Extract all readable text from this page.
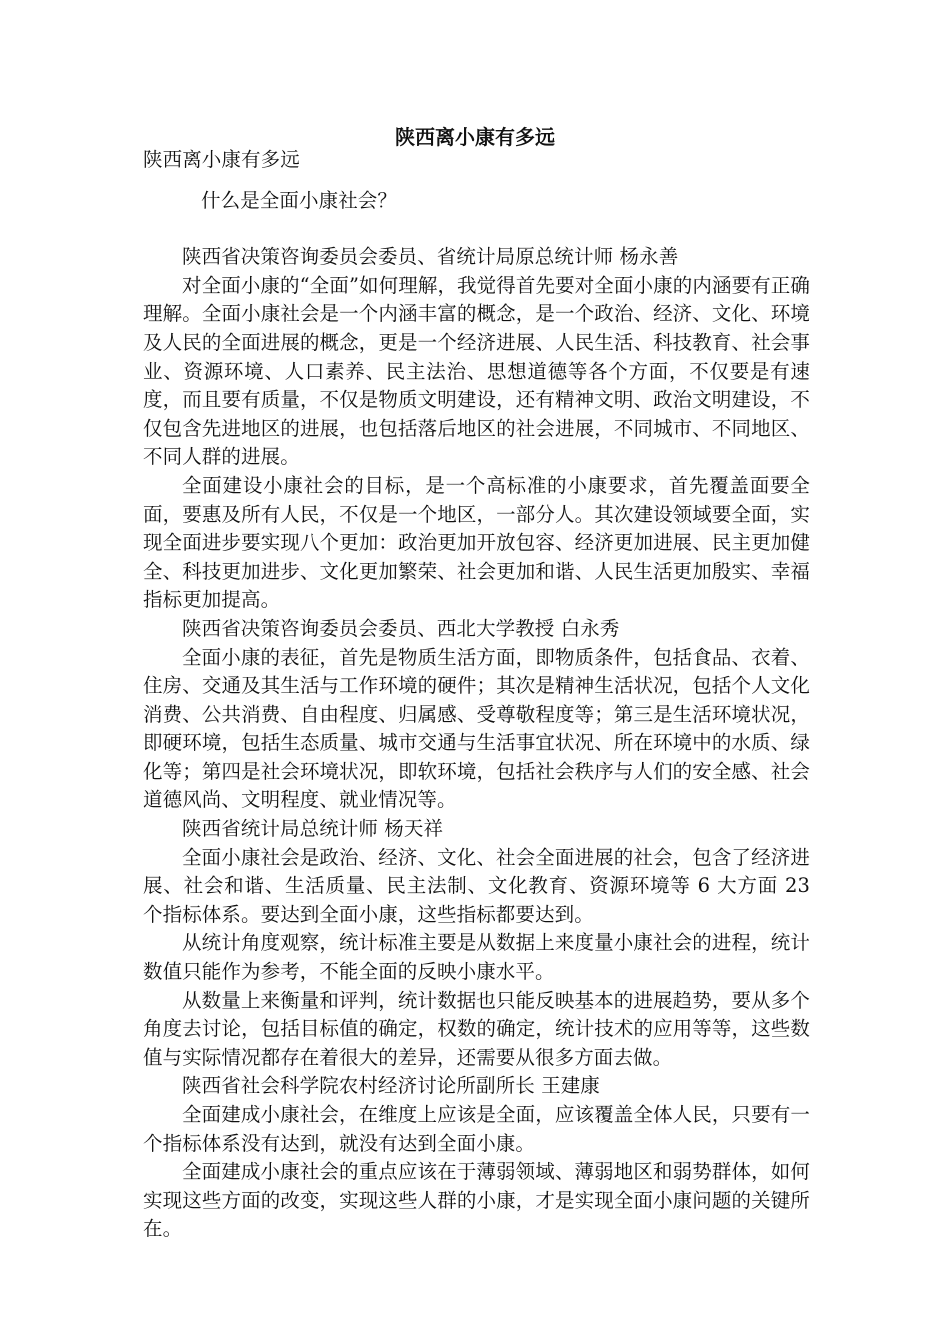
陕西离小康有多远

陕西离小康有多远

什么是全面小康社会？

陕西省决策咨询委员会委员、省统计局原总统计师 杨永善

对全面小康的“全面”如何理解，我觉得首先要对全面小康的内涵要有正确理解。全面小康社会是一个内涵丰富的概念，是一个政治、经济、文化、环境及人民的全面进展的概念，更是一个经济进展、人民生活、科技教育、社会事业、资源环境、人口素养、民主法治、思想道德等各个方面，不仅要是有速度，而且要有质量，不仅是物质文明建设，还有精神文明、政治文明建设，不仅包含先进地区的进展，也包括落后地区的社会进展，不同城市、不同地区、不同人群的进展。

全面建设小康社会的目标，是一个高标准的小康要求，首先覆盖面要全面，要惠及所有人民，不仅是一个地区，一部分人。其次建设领域要全面，实现全面进步要实现八个更加：政治更加开放包容、经济更加进展、民主更加健全、科技更加进步、文化更加繁荣、社会更加和谐、人民生活更加殷实、幸福指标更加提高。

陕西省决策咨询委员会委员、西北大学教授 白永秀

全面小康的表征，首先是物质生活方面，即物质条件，包括食品、衣着、住房、交通及其生活与工作环境的硬件；其次是精神生活状况，包括个人文化消费、公共消费、自由程度、归属感、受尊敬程度等；第三是生活环境状况，即硬环境，包括生态质量、城市交通与生活事宜状况、所在环境中的水质、绿化等；第四是社会环境状况，即软环境，包括社会秩序与人们的安全感、社会道德风尚、文明程度、就业情况等。

陕西省统计局总统计师 杨天祥

全面小康社会是政治、经济、文化、社会全面进展的社会，包含了经济进展、社会和谐、生活质量、民主法制、文化教育、资源环境等 6 大方面 23 个指标体系。要达到全面小康，这些指标都要达到。

从统计角度观察，统计标准主要是从数据上来度量小康社会的进程，统计数值只能作为参考，不能全面的反映小康水平。

从数量上来衡量和评判，统计数据也只能反映基本的进展趋势，要从多个角度去讨论，包括目标值的确定，权数的确定，统计技术的应用等等，这些数值与实际情况都存在着很大的差异，还需要从很多方面去做。

陕西省社会科学院农村经济讨论所副所长 王建康

全面建成小康社会，在维度上应该是全面，应该覆盖全体人民，只要有一个指标体系没有达到，就没有达到全面小康。

全面建成小康社会的重点应该在于薄弱领域、薄弱地区和弱势群体，如何实现这些方面的改变，实现这些人群的小康，才是实现全面小康问题的关键所在。
